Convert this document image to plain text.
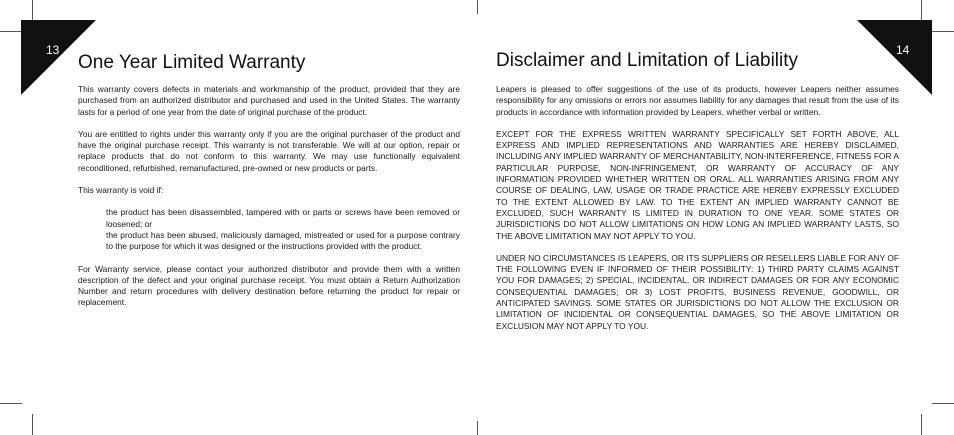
13
One Year Limited Warranty

This warranty covers defects in materials and workmanship of the product, provided that they are purchased from an authorized distributor and purchased and used in the United States. The warranty lasts for a period of one year from the date of original purchase of the product.

You are entitled to rights under this warranty only if you are the original purchaser of the product and have the original purchase receipt. This warranty is not transferable. We will at our option, repair or replace products that do not conform to this warranty. We may use functionally equivalent reconditioned, refurbished, remanufactured, pre-owned or new products or parts.

This warranty is void if:

the product has been disassembled, tampered with or parts or screws have been removed or loosened; or

the product has been abused, maliciously damaged, mistreated or used for a purpose contrary to the purpose for which it was designed or the instructions provided with the product.

For Warranty service, please contact your authorized distributor and provide them with a written description of the defect and your original purchase receipt. You must obtain a Return Authorization Number and return procedures with delivery destination before returning the product for repair or replacement.

14
Disclaimer and Limitation of Liability

Leapers is pleased to offer suggestions of the use of its products, however Leapers neither assumes responsibility for any omissions or errors nor assumes liability for any damages that result from the use of its products in accordance with information provided by Leapers, whether verbal or written.

EXCEPT FOR THE EXPRESS WRITTEN WARRANTY SPECIFICALLY SET FORTH ABOVE, ALL EXPRESS AND IMPLIED REPRESENTATIONS AND WARRANTIES ARE HEREBY DISCLAIMED, INCLUDING ANY IMPLIED WARRANTY OF MERCHANTABILITY, NON-INTERFERENCE, FITNESS FOR A PARTICULAR PURPOSE, NON-INFRINGEMENT, OR WARRANTY OF ACCURACY OF ANY INFORMATION PROVIDED WHETHER WRITTEN OR ORAL. ALL WARRANTIES ARISING FROM ANY COURSE OF DEALING, LAW, USAGE OR TRADE PRACTICE ARE HEREBY EXPRESSLY EXCLUDED TO THE EXTENT ALLOWED BY LAW. TO THE EXTENT AN IMPLIED WARRANTY CANNOT BE EXCLUDED, SUCH WARRANTY IS LIMITED IN DURATION TO ONE YEAR. SOME STATES OR JURISDICTIONS DO NOT ALLOW LIMITATIONS ON HOW LONG AN IMPLIED WARRANTY LASTS, SO THE ABOVE LIMITATION MAY NOT APPLY TO YOU.

UNDER NO CIRCUMSTANCES IS LEAPERS, OR ITS SUPPLIERS OR RESELLERS LIABLE FOR ANY OF THE FOLLOWING EVEN IF INFORMED OF THEIR POSSIBILITY: 1) THIRD PARTY CLAIMS AGAINST YOU FOR DAMAGES; 2) SPECIAL, INCIDENTAL, OR INDIRECT DAMAGES OR FOR ANY ECONOMIC CONSEQUENTIAL DAMAGES; OR 3) LOST PROFITS, BUSINESS REVENUE, GOODWILL, OR ANTICIPATED SAVINGS. SOME STATES OR JURISDICTIONS DO NOT ALLOW THE EXCLUSION OR LIMITATION OF INCIDENTAL OR CONSEQUENTIAL DAMAGES, SO THE ABOVE LIMITATION OR EXCLUSION MAY NOT APPLY TO YOU.
